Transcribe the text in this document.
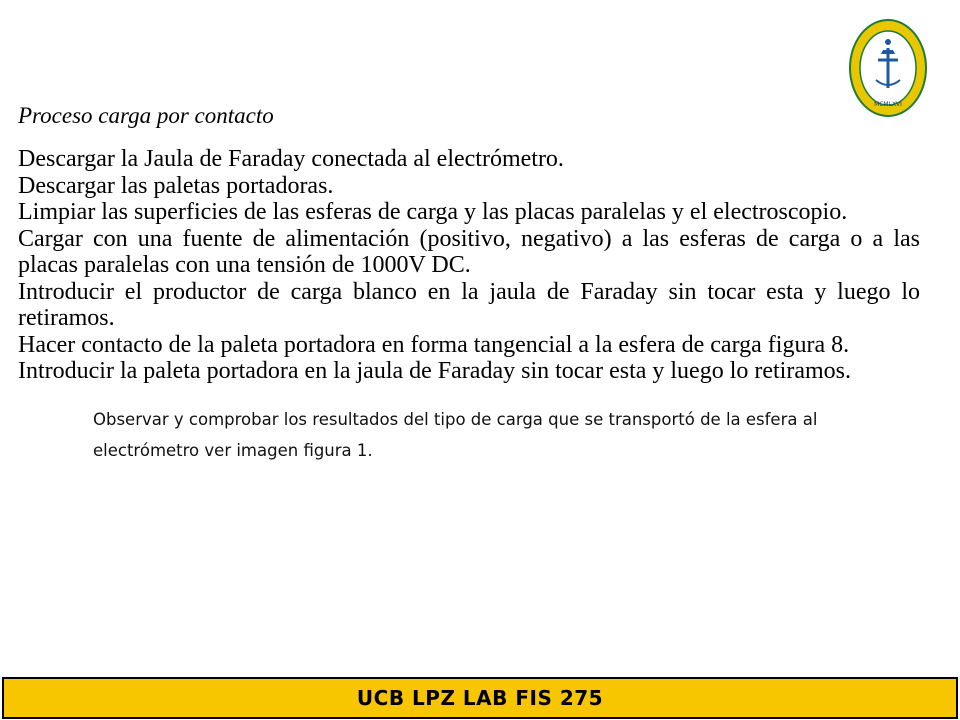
MCMLXVI
Proceso carga por contacto

Descargar la Jaula de Faraday conectada al electrómetro.

Descargar las paletas portadoras.

Limpiar las superficies de las esferas de carga y las placas paralelas y el electroscopio.

Cargar con una fuente de alimentación (positivo, negativo) a las esferas de carga o a las placas paralelas con una tensión de 1000V DC.

Introducir el productor de carga blanco en la jaula de Faraday sin tocar esta y luego lo retiramos.

Hacer contacto de la paleta portadora en forma tangencial a la esfera de carga figura 8.

Introducir la paleta portadora en la jaula de Faraday sin tocar esta y luego lo retiramos.

Observar y comprobar los resultados del tipo de carga que se transportó de la esfera al electrómetro ver imagen figura 1.
UCB LPZ LAB FIS 275
